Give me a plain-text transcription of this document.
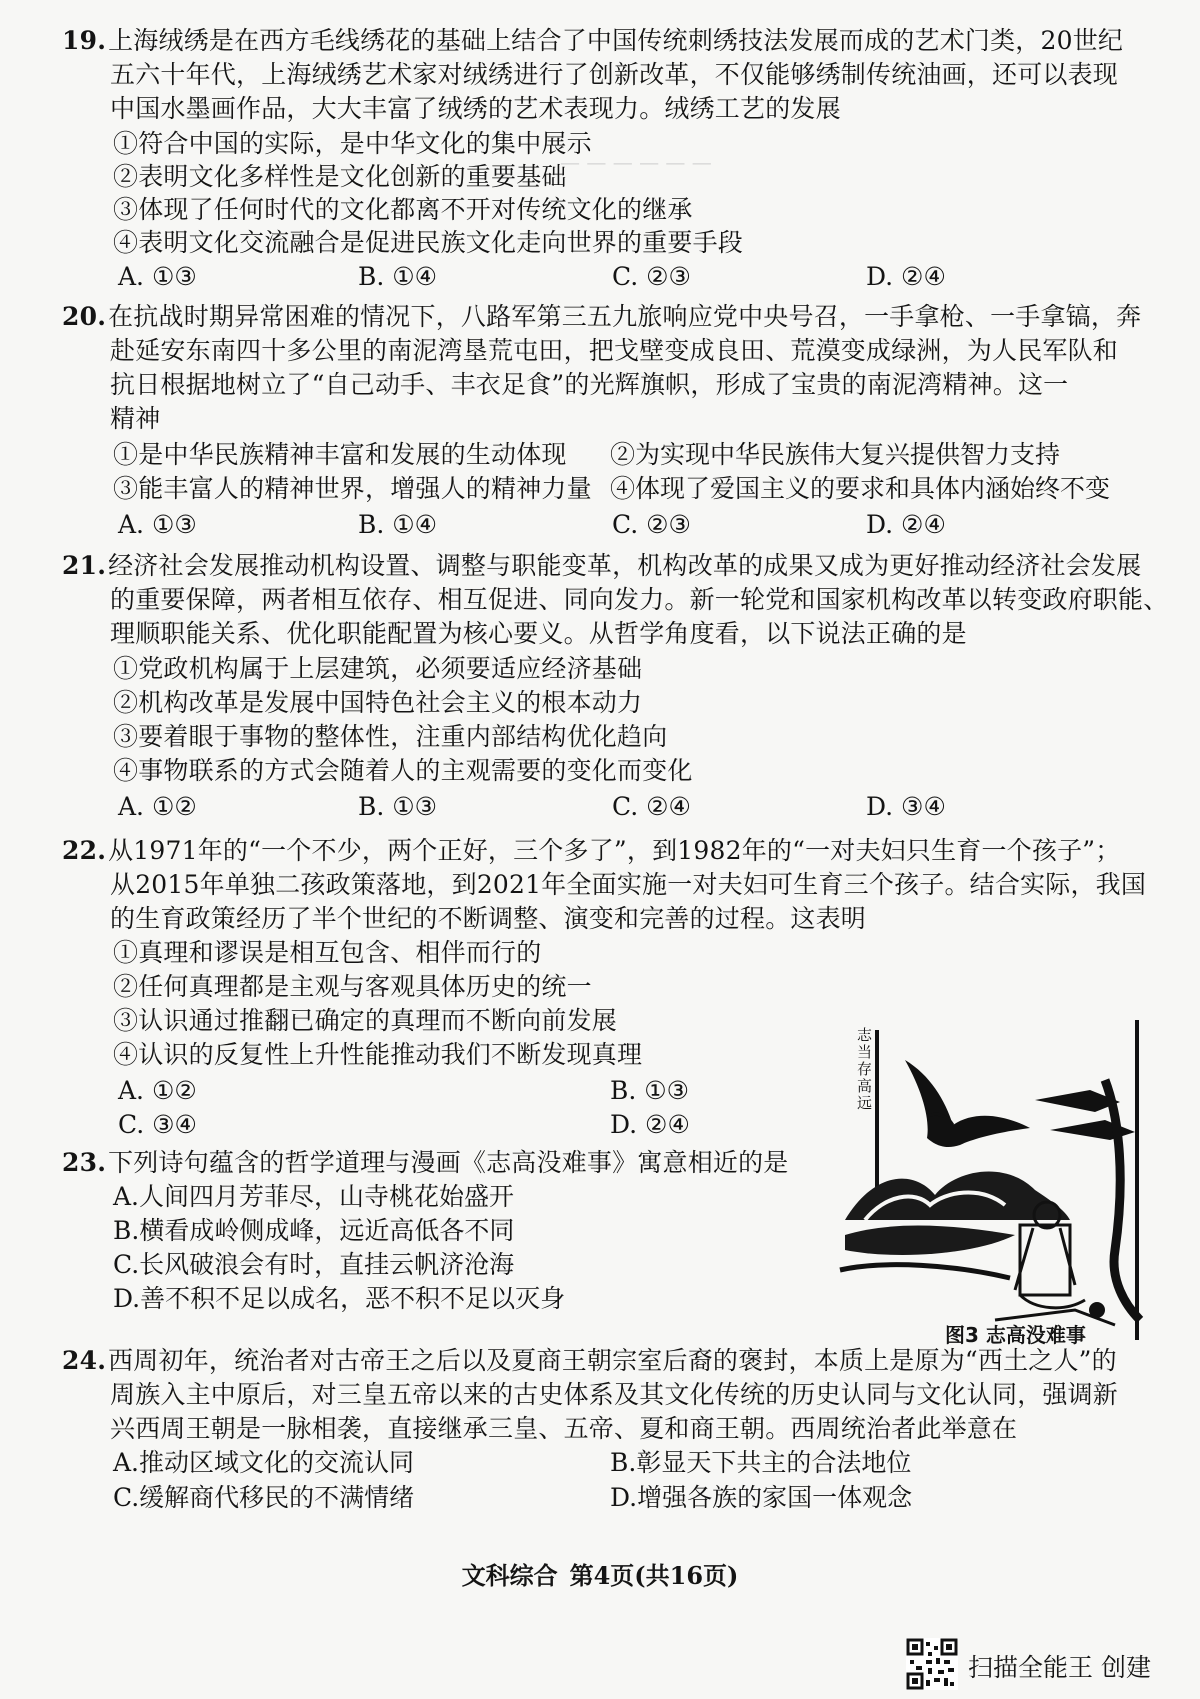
— — — — — —
19.上海绒绣是在西方毛线绣花的基础上结合了中国传统刺绣技法发展而成的艺术门类，20世纪
五六十年代，上海绒绣艺术家对绒绣进行了创新改革，不仅能够绣制传统油画，还可以表现
中国水墨画作品，大大丰富了绒绣的艺术表现力。绒绣工艺的发展
①符合中国的实际，是中华文化的集中展示
②表明文化多样性是文化创新的重要基础
③体现了任何时代的文化都离不开对传统文化的继承
④表明文化交流融合是促进民族文化走向世界的重要手段
A. ①③	B. ①④	C. ②③	D. ②④
20.在抗战时期异常困难的情况下，八路军第三五九旅响应党中央号召，一手拿枪、一手拿镐，奔
赴延安东南四十多公里的南泥湾垦荒屯田，把戈壁变成良田、荒漠变成绿洲，为人民军队和
抗日根据地树立了“自己动手、丰衣足食”的光辉旗帜，形成了宝贵的南泥湾精神。这一
精神
①是中华民族精神丰富和发展的生动体现 ②为实现中华民族伟大复兴提供智力支持
③能丰富人的精神世界，增强人的精神力量 ④体现了爱国主义的要求和具体内涵始终不变
A. ①③	B. ①④	C. ②③	D. ②④
21.经济社会发展推动机构设置、调整与职能变革，机构改革的成果又成为更好推动经济社会发展
的重要保障，两者相互依存、相互促进、同向发力。新一轮党和国家机构改革以转变政府职能、
理顺职能关系、优化职能配置为核心要义。从哲学角度看，以下说法正确的是
①党政机构属于上层建筑，必须要适应经济基础
②机构改革是发展中国特色社会主义的根本动力
③要着眼于事物的整体性，注重内部结构优化趋向
④事物联系的方式会随着人的主观需要的变化而变化
A. ①②	B. ①③	C. ②④	D. ③④
22.从1971年的“一个不少，两个正好，三个多了”，到1982年的“一对夫妇只生育一个孩子”；
从2015年单独二孩政策落地，到2021年全面实施一对夫妇可生育三个孩子。结合实际，我国
的生育政策经历了半个世纪的不断调整、演变和完善的过程。这表明
①真理和谬误是相互包含、相伴而行的
②任何真理都是主观与客观具体历史的统一
③认识通过推翻已确定的真理而不断向前发展
④认识的反复性上升性能推动我们不断发现真理
A. ①②	B. ①③
C. ③④	D. ②④
23.下列诗句蕴含的哲学道理与漫画《志高没难事》寓意相近的是
A.人间四月芳菲尽，山寺桃花始盛开
B.横看成岭侧成峰，远近高低各不同
C.长风破浪会有时，直挂云帆济沧海
D.善不积不足以成名，恶不积不足以灭身
志当存高远
图3 志高没难事
24.西周初年，统治者对古帝王之后以及夏商王朝宗室后裔的褒封，本质上是原为“西土之人”的
周族入主中原后，对三皇五帝以来的古史体系及其文化传统的历史认同与文化认同，强调新
兴西周王朝是一脉相袭，直接继承三皇、五帝、夏和商王朝。西周统治者此举意在
A.推动区域文化的交流认同	B.彰显天下共主的合法地位
C.缓解商代移民的不满情绪	D.增强各族的家国一体观念
文科综合 第4页(共16页)
扫描全能王 创建
